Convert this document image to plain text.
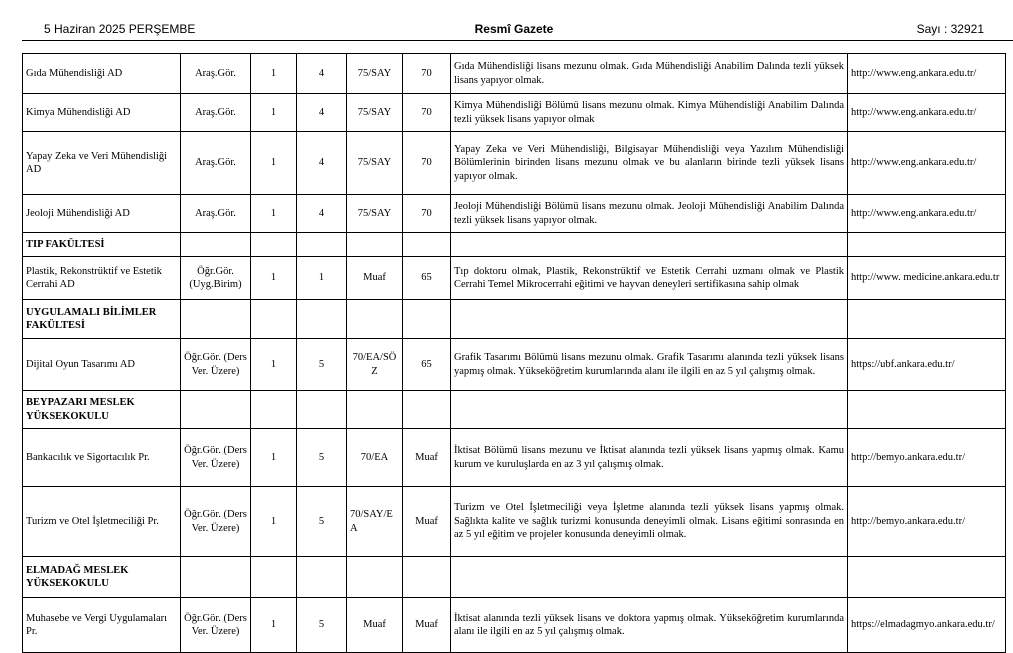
5 Haziran 2025 PERŞEMBE	Resmî Gazete	Sayı : 32921
Gıda Mühendisliği AD	Araş.Gör.	1	4	75/SAY	70	Gıda Mühendisliği lisans mezunu olmak. Gıda Mühendisliği Anabilim Dalında tezli yüksek lisans yapıyor olmak.	http://www.eng.ankara.edu.tr/
Kimya Mühendisliği AD	Araş.Gör.	1	4	75/SAY	70	Kimya Mühendisliği Bölümü lisans mezunu olmak. Kimya Mühendisliği Anabilim Dalında tezli yüksek lisans yapıyor olmak	http://www.eng.ankara.edu.tr/
Yapay Zeka ve Veri Mühendisliği AD	Araş.Gör.	1	4	75/SAY	70	Yapay Zeka ve Veri Mühendisliği, Bilgisayar Mühendisliği veya Yazılım Mühendisliği Bölümlerinin birinden lisans mezunu olmak ve bu alanların birinde tezli yüksek lisans yapıyor olmak.	http://www.eng.ankara.edu.tr/
Jeoloji Mühendisliği AD	Araş.Gör.	1	4	75/SAY	70	Jeoloji Mühendisliği Bölümü lisans mezunu olmak. Jeoloji Mühendisliği Anabilim Dalında tezli yüksek lisans yapıyor olmak.	http://www.eng.ankara.edu.tr/
TIP FAKÜLTESİ							
Plastik, Rekonstrüktif ve Estetik Cerrahi AD	Öğr.Gör. (Uyg.Birim)	1	1	Muaf	65	Tıp doktoru olmak, Plastik, Rekonstrüktif ve Estetik Cerrahi uzmanı olmak ve Plastik Cerrahi Temel Mikrocerrahi eğitimi ve hayvan deneyleri sertifikasına sahip olmak	http://www. medicine.ankara.edu.tr
UYGULAMALI BİLİMLER FAKÜLTESİ							
Dijital Oyun Tasarımı AD	Öğr.Gör. (Ders Ver. Üzere)	1	5	70/EA/SÖZ	65	Grafik Tasarımı Bölümü lisans mezunu olmak. Grafik Tasarımı alanında tezli yüksek lisans yapmış olmak. Yükseköğretim kurumlarında alanı ile ilgili en az 5 yıl çalışmış olmak.	https://ubf.ankara.edu.tr/
BEYPAZARI MESLEK YÜKSEKOKULU							
Bankacılık ve Sigortacılık Pr.	Öğr.Gör. (Ders Ver. Üzere)	1	5	70/EA	Muaf	İktisat Bölümü lisans mezunu ve İktisat alanında tezli yüksek lisans yapmış olmak. Kamu kurum ve kuruluşlarda en az 3 yıl çalışmış olmak.	http://bemyo.ankara.edu.tr/
Turizm ve Otel İşletmeciliği Pr.	Öğr.Gör. (Ders Ver. Üzere)	1	5	70/SAY/EA	Muaf	Turizm ve Otel İşletmeciliği veya İşletme alanında tezli yüksek lisans yapmış olmak. Sağlıkta kalite ve sağlık turizmi konusunda deneyimli olmak. Lisans eğitimi sonrasında en az 5 yıl eğitim ve projeler konusunda deneyimli olmak.	http://bemyo.ankara.edu.tr/
ELMADAĞ MESLEK YÜKSEKOKULU							
Muhasebe ve Vergi Uygulamaları Pr.	Öğr.Gör. (Ders Ver. Üzere)	1	5	Muaf	Muaf	İktisat alanında tezli yüksek lisans ve doktora yapmış olmak. Yükseköğretim kurumlarında alanı ile ilgili en az 5 yıl çalışmış olmak.	https://elmadagmyo.ankara.edu.tr/
